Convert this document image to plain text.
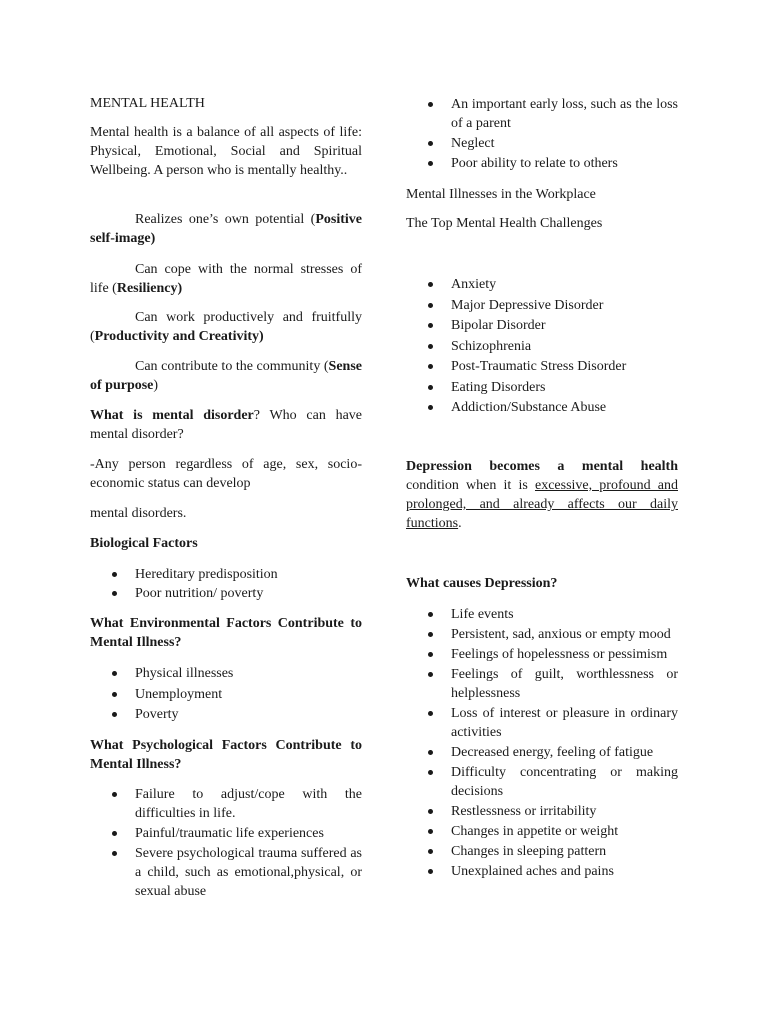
MENTAL HEALTH

Mental health is a balance of all aspects of life: Physical, Emotional, Social and Spiritual Wellbeing. A person who is mentally healthy..

Realizes one’s own potential (Positive self-image)

Can cope with the normal stresses of life (Resiliency)

Can work productively and fruitfully (Productivity and Creativity)

Can contribute to the community (Sense of purpose)

What is mental disorder? Who can have mental disorder?

-Any person regardless of age, sex, socio-economic status can develop

mental disorders.

Biological Factors

Hereditary predisposition
Poor nutrition/ poverty

What Environmental Factors Contribute to Mental Illness?

Physical illnesses
Unemployment
Poverty

What Psychological Factors Contribute to Mental Illness?

Failure to adjust/cope with the difficulties in life.
Painful/traumatic life experiences
Severe psychological trauma suffered as a child, such as emotional,physical, or sexual abuse
An important early loss, such as the loss of a parent
Neglect
Poor ability to relate to others

Mental Illnesses in the Workplace

The Top Mental Health Challenges

Anxiety
Major Depressive Disorder
Bipolar Disorder
Schizophrenia
Post-Traumatic Stress Disorder
Eating Disorders
Addiction/Substance Abuse

Depression becomes a mental health condition when it is excessive, profound and prolonged, and already affects our daily functions.

What causes Depression?

Life events
Persistent, sad, anxious or empty mood
Feelings of hopelessness or pessimism
Feelings of guilt, worthlessness or helplessness
Loss of interest or pleasure in ordinary activities
Decreased energy, feeling of fatigue
Difficulty concentrating or making decisions
Restlessness or irritability
Changes in appetite or weight
Changes in sleeping pattern
Unexplained aches and pains
